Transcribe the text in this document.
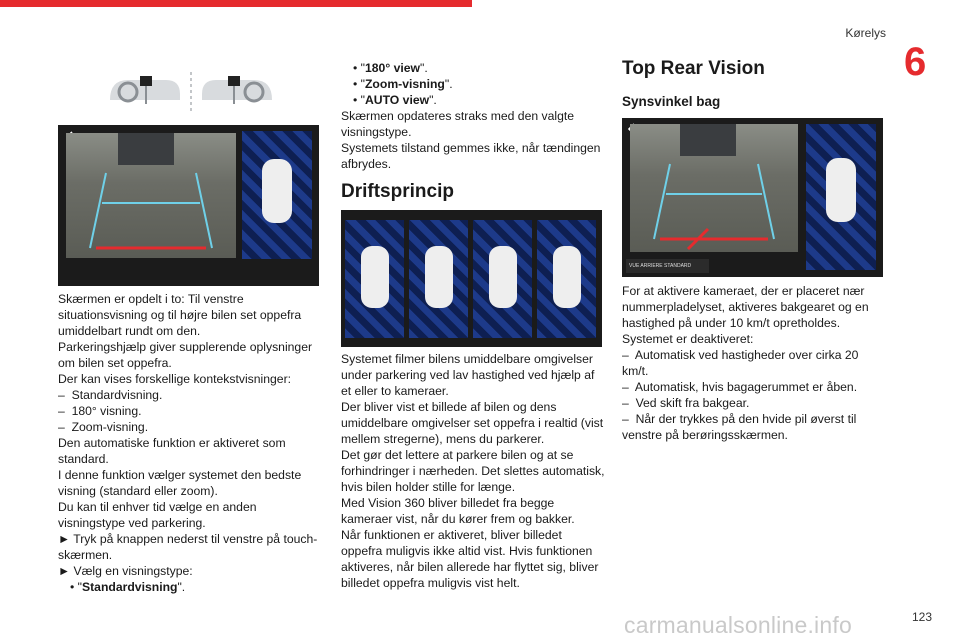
Kørelys
6

Skærmen er opdelt i to: Til venstre situationsvisning og til højre bilen set oppefra umiddelbart rundt om den.

Parkeringshjælp giver supplerende oplysninger om bilen set oppefra.

Der kan vises forskellige kontekstvisninger:

–  Standardvisning.

–  180° visning.

–  Zoom-visning.

Den automatiske funktion er aktiveret som standard.

I denne funktion vælger systemet den bedste visning (standard eller zoom).

Du kan til enhver tid vælge en anden visningstype ved parkering.

► Tryk på knappen nederst til venstre på touch-skærmen.

► Vælg en visningstype:

• "Standardvisning".

• "180° view".

• "Zoom-visning".

• "AUTO view".

Skærmen opdateres straks med den valgte visningstype.

Systemets tilstand gemmes ikke, når tændingen afbrydes.

Driftsprincip

Systemet filmer bilens umiddelbare omgivelser under parkering ved lav hastighed ved hjælp af et eller to kameraer.

Der bliver vist et billede af bilen og dens umiddelbare omgivelser set oppefra i realtid (vist mellem stregerne), mens du parkerer.

Det gør det lettere at parkere bilen og at se forhindringer i nærheden. Det slettes automatisk, hvis bilen holder stille for længe.

Med Vision 360 bliver billedet fra begge kameraer vist, når du kører frem og bakker.

Når funktionen er aktiveret, bliver billedet oppefra muligvis ikke altid vist. Hvis funktionen aktiveres, når bilen allerede har flyttet sig, bliver billedet oppefra muligvis vist helt.

Top Rear Vision
Synsvinkel bag
VUE ARRIERE STANDARD

For at aktivere kameraet, der er placeret nær nummerpladelyset, aktiveres bakgearet og en hastighed på under 10 km/t opretholdes.

Systemet er deaktiveret:

–  Automatisk ved hastigheder over cirka 20 km/t.

–  Automatisk, hvis bagagerummet er åben.

–  Ved skift fra bakgear.

–  Når der trykkes på den hvide pil øverst til venstre på berøringsskærmen.

carmanualsonline.info	123
